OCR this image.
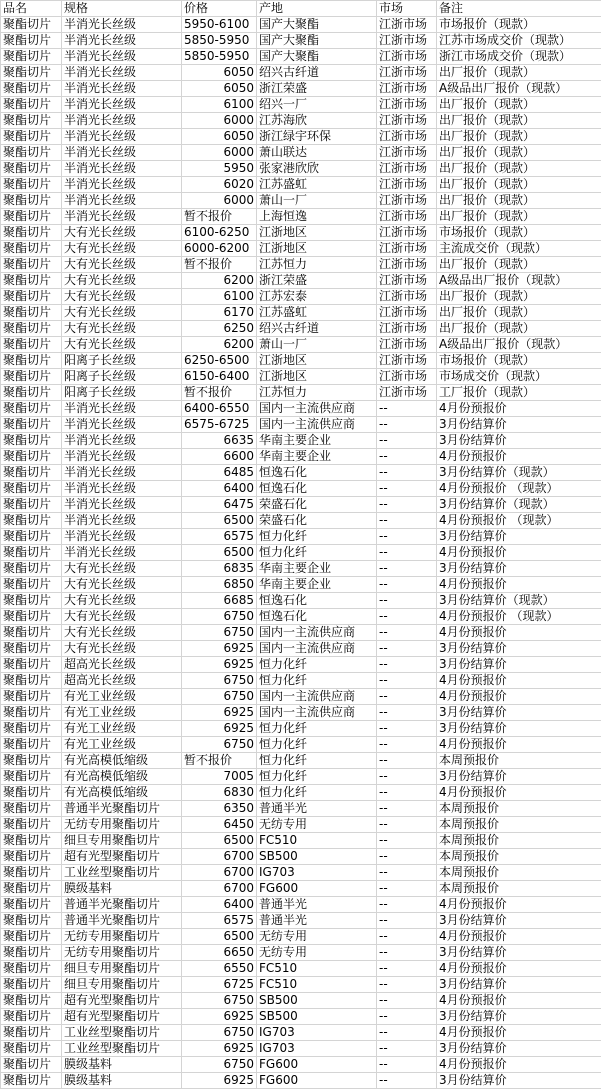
品名	规格	价格	产地	市场	备注
聚酯切片	半消光长丝级	5950-6100	国产大聚酯	江浙市场	市场报价（现款）
聚酯切片	半消光长丝级	5850-5950	国产大聚酯	江浙市场	江苏市场成交价（现款）
聚酯切片	半消光长丝级	5850-5950	国产大聚酯	江浙市场	浙江市场成交价（现款）
聚酯切片	半消光长丝级	6050	绍兴古纤道	江浙市场	出厂报价（现款）
聚酯切片	半消光长丝级	6050	浙江荣盛	江浙市场	A级品出厂报价（现款）
聚酯切片	半消光长丝级	6100	绍兴一厂	江浙市场	出厂报价（现款）
聚酯切片	半消光长丝级	6000	江苏海欣	江浙市场	出厂报价（现款）
聚酯切片	半消光长丝级	6050	浙江绿宇环保	江浙市场	出厂报价（现款）
聚酯切片	半消光长丝级	6000	萧山联达	江浙市场	出厂报价（现款）
聚酯切片	半消光长丝级	5950	张家港欣欣	江浙市场	出厂报价（现款）
聚酯切片	半消光长丝级	6020	江苏盛虹	江浙市场	出厂报价（现款）
聚酯切片	半消光长丝级	6000	萧山一厂	江浙市场	出厂报价（现款）
聚酯切片	半消光长丝级	暂不报价	上海恒逸	江浙市场	出厂报价（现款）
聚酯切片	大有光长丝级	6100-6250	江浙地区	江浙市场	市场报价（现款）
聚酯切片	大有光长丝级	6000-6200	江浙地区	江浙市场	主流成交价（现款）
聚酯切片	大有光长丝级	暂不报价	江苏恒力	江浙市场	出厂报价（现款）
聚酯切片	大有光长丝级	6200	浙江荣盛	江浙市场	A级品出厂报价（现款）
聚酯切片	大有光长丝级	6100	江苏宏泰	江浙市场	出厂报价（现款）
聚酯切片	大有光长丝级	6170	江苏盛虹	江浙市场	出厂报价（现款）
聚酯切片	大有光长丝级	6250	绍兴古纤道	江浙市场	出厂报价（现款）
聚酯切片	大有光长丝级	6200	萧山一厂	江浙市场	A级品出厂报价（现款）
聚酯切片	阳离子长丝级	6250-6500	江浙地区	江浙市场	市场报价（现款）
聚酯切片	阳离子长丝级	6150-6400	江浙地区	江浙市场	市场成交价（现款）
聚酯切片	阳离子长丝级	暂不报价	江苏恒力	江浙市场	工厂报价（现款）
聚酯切片	半消光长丝级	6400-6550	国内一主流供应商	--	4月份预报价
聚酯切片	半消光长丝级	6575-6725	国内一主流供应商	--	3月份结算价
聚酯切片	半消光长丝级	6635	华南主要企业	--	3月份结算价
聚酯切片	半消光长丝级	6600	华南主要企业	--	4月份预报价
聚酯切片	半消光长丝级	6485	恒逸石化	--	3月份结算价（现款）
聚酯切片	半消光长丝级	6400	恒逸石化	--	4月份预报价 （现款）
聚酯切片	半消光长丝级	6475	荣盛石化	--	3月份结算价（现款）
聚酯切片	半消光长丝级	6500	荣盛石化	--	4月份预报价 （现款）
聚酯切片	半消光长丝级	6575	恒力化纤	--	3月份结算价
聚酯切片	半消光长丝级	6500	恒力化纤	--	4月份预报价
聚酯切片	大有光长丝级	6835	华南主要企业	--	3月份结算价
聚酯切片	大有光长丝级	6850	华南主要企业	--	4月份预报价
聚酯切片	大有光长丝级	6685	恒逸石化	--	3月份结算价（现款）
聚酯切片	大有光长丝级	6750	恒逸石化	--	4月份预报价 （现款）
聚酯切片	大有光长丝级	6750	国内一主流供应商	--	4月份预报价
聚酯切片	大有光长丝级	6925	国内一主流供应商	--	3月份结算价
聚酯切片	超高光长丝级	6925	恒力化纤	--	3月份结算价
聚酯切片	超高光长丝级	6750	恒力化纤	--	4月份预报价
聚酯切片	有光工业丝级	6750	国内一主流供应商	--	4月份预报价
聚酯切片	有光工业丝级	6925	国内一主流供应商	--	3月份结算价
聚酯切片	有光工业丝级	6925	恒力化纤	--	3月份结算价
聚酯切片	有光工业丝级	6750	恒力化纤	--	4月份预报价
聚酯切片	有光高模低缩级	暂不报价	恒力化纤	--	本周预报价
聚酯切片	有光高模低缩级	7005	恒力化纤	--	3月份结算价
聚酯切片	有光高模低缩级	6830	恒力化纤	--	4月份预报价
聚酯切片	普通半光聚酯切片	6350	普通半光	--	本周预报价
聚酯切片	无纺专用聚酯切片	6450	无纺专用	--	本周预报价
聚酯切片	细旦专用聚酯切片	6500	FC510	--	本周预报价
聚酯切片	超有光型聚酯切片	6700	SB500	--	本周预报价
聚酯切片	工业丝型聚酯切片	6700	IG703	--	本周预报价
聚酯切片	膜级基料	6700	FG600	--	本周预报价
聚酯切片	普通半光聚酯切片	6400	普通半光	--	4月份预报价
聚酯切片	普通半光聚酯切片	6575	普通半光	--	3月份结算价
聚酯切片	无纺专用聚酯切片	6500	无纺专用	--	4月份预报价
聚酯切片	无纺专用聚酯切片	6650	无纺专用	--	3月份结算价
聚酯切片	细旦专用聚酯切片	6550	FC510	--	4月份预报价
聚酯切片	细旦专用聚酯切片	6725	FC510	--	3月份结算价
聚酯切片	超有光型聚酯切片	6750	SB500	--	4月份预报价
聚酯切片	超有光型聚酯切片	6925	SB500	--	3月份结算价
聚酯切片	工业丝型聚酯切片	6750	IG703	--	4月份预报价
聚酯切片	工业丝型聚酯切片	6925	IG703	--	3月份结算价
聚酯切片	膜级基料	6750	FG600	--	4月份预报价
聚酯切片	膜级基料	6925	FG600	--	3月份结算价
